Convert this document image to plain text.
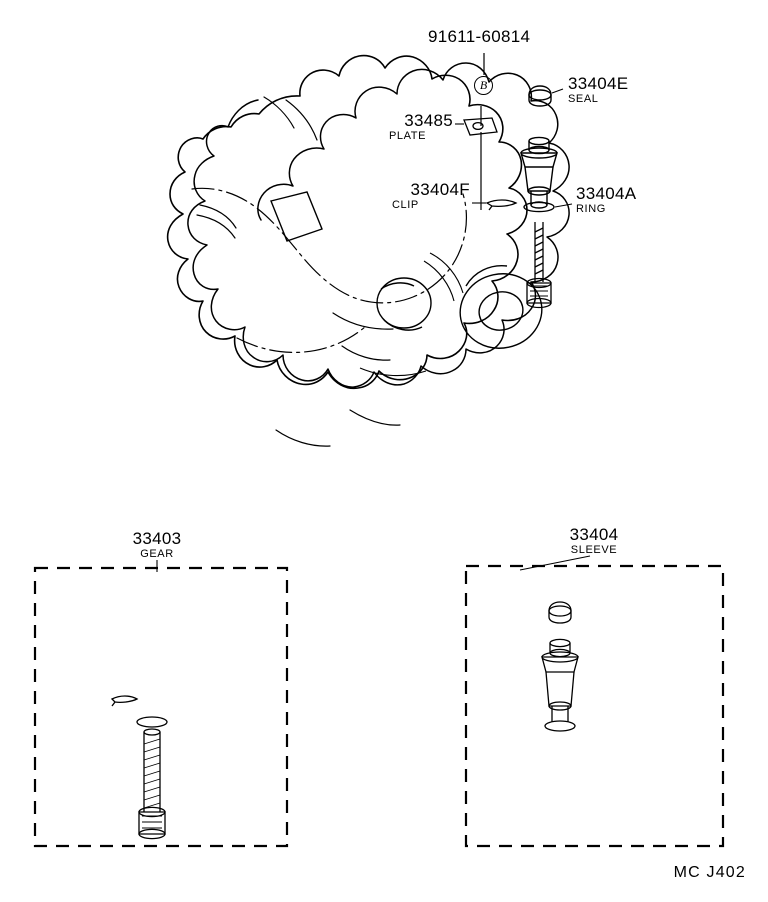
91611-60814
B	33404E
SEAL
33485
PLATE
33404F
CLIP
33404A
RING
33403
GEAR
33404
SLEEVE
MC J402
